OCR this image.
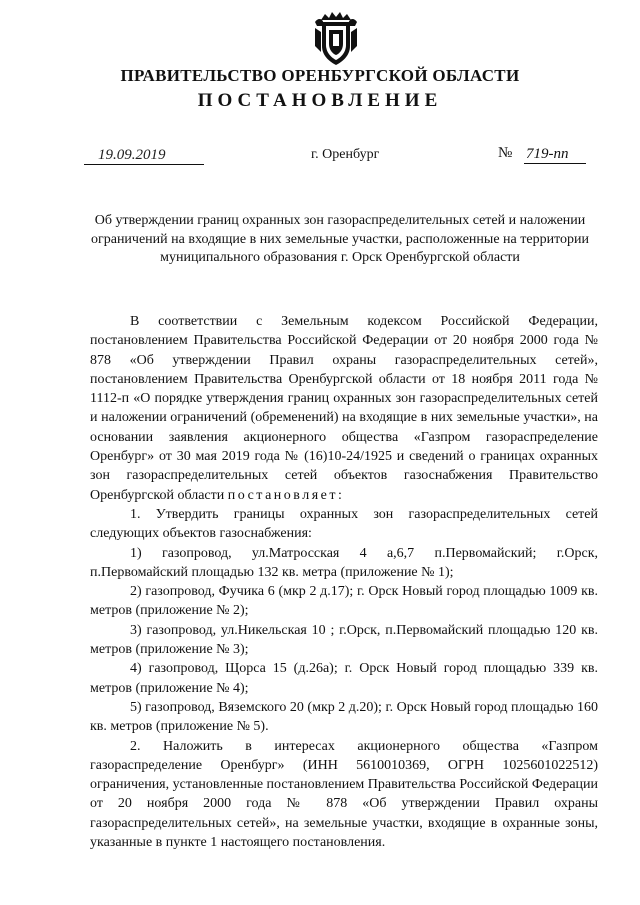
ПРАВИТЕЛЬСТВО ОРЕНБУРГСКОЙ ОБЛАСТИ
ПОСТАНОВЛЕНИЕ
19.09.2019	г. Оренбург	№ 719-пп
Об утверждении границ охранных зон газораспределительных сетей и наложении ограничений на входящие в них земельные участки, расположенные на территории муниципального образования г. Орск Оренбургской области

В соответствии с Земельным кодексом Российской Федерации, постановлением Правительства Российской Федерации от 20 ноября 2000 года № 878 «Об утверждении Правил охраны газораспределительных сетей», постановлением Правительства Оренбургской области от 18 ноября 2011 года № 1112-п «О порядке утверждения границ охранных зон газораспределительных сетей и наложении ограничений (обременений) на входящие в них земельные участки», на основании заявления акционерного общества «Газпром газораспределение Оренбург» от 30 мая 2019 года № (16)10-24/1925 и сведений о границах охранных зон газораспределительных сетей объектов газоснабжения Правительство Оренбургской области постановляет:

1. Утвердить границы охранных зон газораспределительных сетей следующих объектов газоснабжения:

1) газопровод, ул.Матросская 4 а,6,7 п.Первомайский; г.Орск, п.Первомайский площадью 132 кв. метра (приложение № 1);

2) газопровод, Фучика 6 (мкр 2 д.17); г. Орск Новый город площадью 1009 кв. метров (приложение № 2);

3) газопровод, ул.Никельская 10 ; г.Орск, п.Первомайский площадью 120 кв. метров (приложение № 3);

4) газопровод, Щорса 15 (д.26а); г. Орск Новый город площадью 339 кв. метров (приложение № 4);

5) газопровод, Вяземского 20 (мкр 2 д.20); г. Орск Новый город площадью 160 кв. метров (приложение № 5).

2. Наложить в интересах акционерного общества «Газпром газораспределение Оренбург» (ИНН 5610010369, ОГРН 1025601022512) ограничения, установленные постановлением Правительства Российской Федерации от 20 ноября 2000 года № 878 «Об утверждении Правил охраны газораспределительных сетей», на земельные участки, входящие в охранные зоны, указанные в пункте 1 настоящего постановления.
